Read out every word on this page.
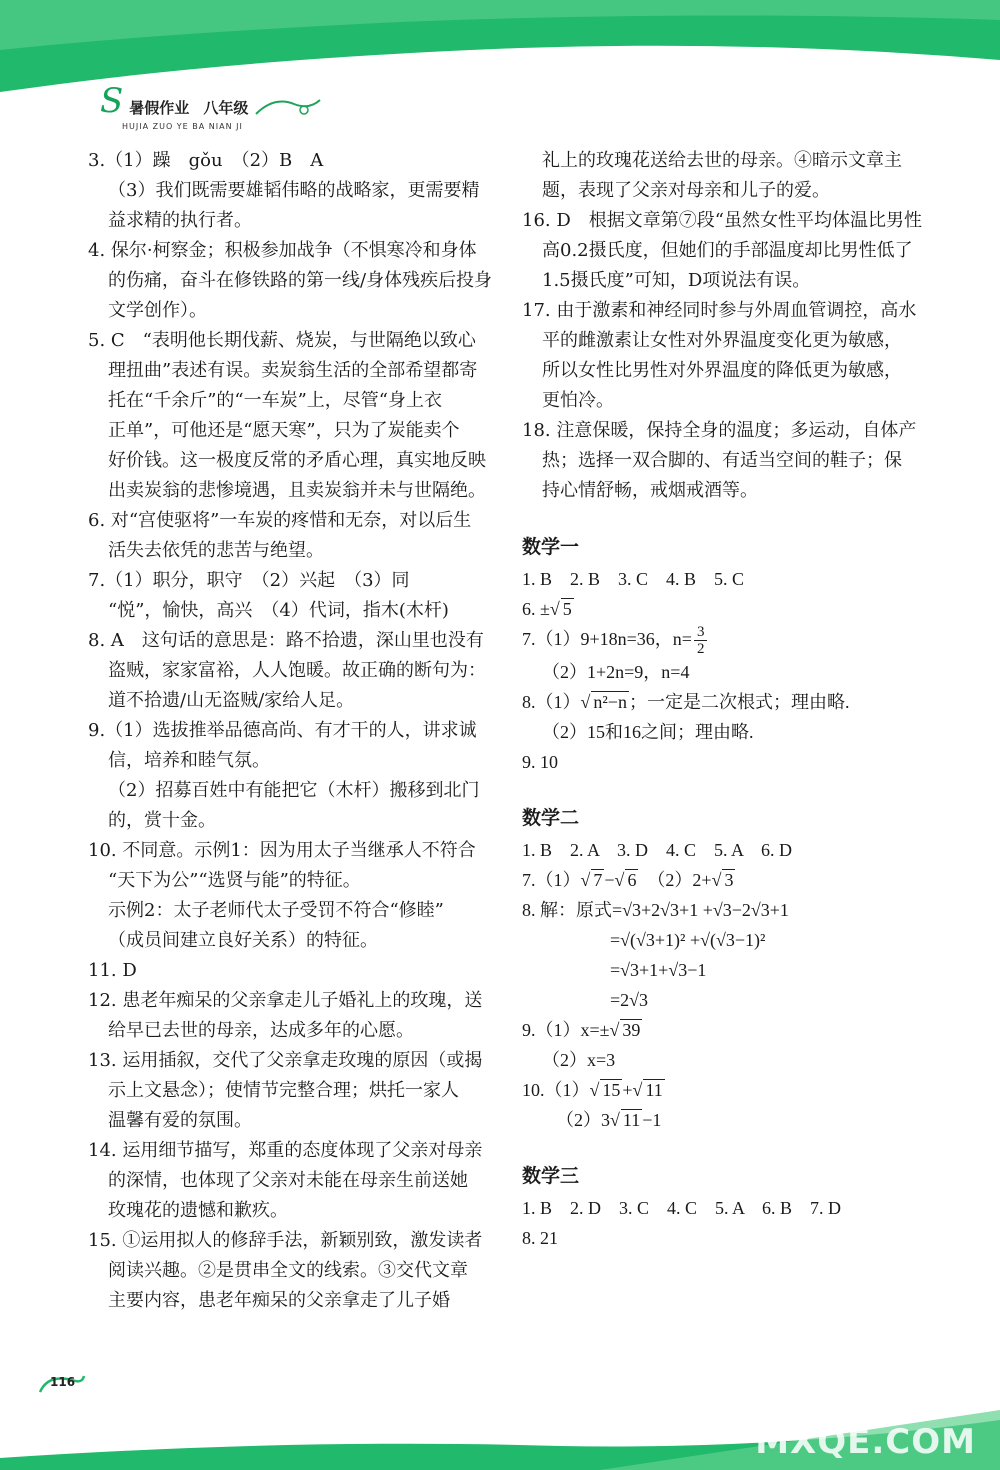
S 暑假作业 八年级
HUJIA ZUO YE BA NIAN JI

3.（1）躁　gǒu　（2）B　A

（3）我们既需要雄韬伟略的战略家，更需要精

益求精的执行者。

4. 保尔·柯察金；积极参加战争（不惧寒冷和身体

的伤痛，奋斗在修铁路的第一线/身体残疾后投身

文学创作）。

5. C　“表明他长期伐薪、烧炭，与世隔绝以致心

理扭曲”表述有误。卖炭翁生活的全部希望都寄

托在“千余斤”的“一车炭”上，尽管“身上衣

正单”，可他还是“愿天寒”，只为了炭能卖个

好价钱。这一极度反常的矛盾心理，真实地反映

出卖炭翁的悲惨境遇，且卖炭翁并未与世隔绝。

6. 对“宫使驱将”一车炭的疼惜和无奈，对以后生

活失去依凭的悲苦与绝望。

7.（1）职分，职守　（2）兴起　（3）同

“悦”，愉快，高兴　（4）代词，指木(木杆)

8. A　这句话的意思是：路不拾遗，深山里也没有

盗贼，家家富裕，人人饱暖。故正确的断句为：

道不拾遗/山无盗贼/家给人足。

9.（1）选拔推举品德高尚、有才干的人，讲求诚

信，培养和睦气氛。

（2）招募百姓中有能把它（木杆）搬移到北门

的，赏十金。

10. 不同意。示例1：因为用太子当继承人不符合

“天下为公”“选贤与能”的特征。

示例2：太子老师代太子受罚不符合“修睦”

（成员间建立良好关系）的特征。

11. D

12. 患老年痴呆的父亲拿走儿子婚礼上的玫瑰，送

给早已去世的母亲，达成多年的心愿。

13. 运用插叙，交代了父亲拿走玫瑰的原因（或揭

示上文悬念）；使情节完整合理；烘托一家人

温馨有爱的氛围。

14. 运用细节描写，郑重的态度体现了父亲对母亲

的深情，也体现了父亲对未能在母亲生前送她

玫瑰花的遗憾和歉疚。

15. ①运用拟人的修辞手法，新颖别致，激发读者

阅读兴趣。②是贯串全文的线索。③交代文章

主要内容，患老年痴呆的父亲拿走了儿子婚

礼上的玫瑰花送给去世的母亲。④暗示文章主

题，表现了父亲对母亲和儿子的爱。

16. D　根据文章第⑦段“虽然女性平均体温比男性

高0.2摄氏度，但她们的手部温度却比男性低了

1.5摄氏度”可知，D项说法有误。

17. 由于激素和神经同时参与外周血管调控，高水

平的雌激素让女性对外界温度变化更为敏感，

所以女性比男性对外界温度的降低更为敏感，

更怕冷。

18. 注意保暖，保持全身的温度；多运动，自体产

热；选择一双合脚的、有适当空间的鞋子；保

持心情舒畅，戒烟戒酒等。

数学一

1. B　2. B　3. C　4. B　5. C

6. ±√ 5

7.（1）9+18n=36，$n= \frac{3}{2}$

（2）1+2n=9，n=4

8.（1）√ n²−n ；一定是二次根式；理由略.

（2）15和16之间；理由略.

9. 10

数学二

1. B　2. A　3. D　4. C　5. A　6. D

7.（1）√ 7 −√ 6　（2）2+√ 3

8. 解：原式=√3+2√3+1 +√3−2√3+1

=√(√3+1)² +√(√3−1)²

=√3+1+√3−1

=2√3

9.（1）x=±√ 39

（2）x=3

10.（1）√ 15 +√ 11

（2）3√ 11 −1

数学三

1. B　2. D　3. C　4. C　5. A　6. B　7. D

8. 21

116	答案圈
MXQE.COM
